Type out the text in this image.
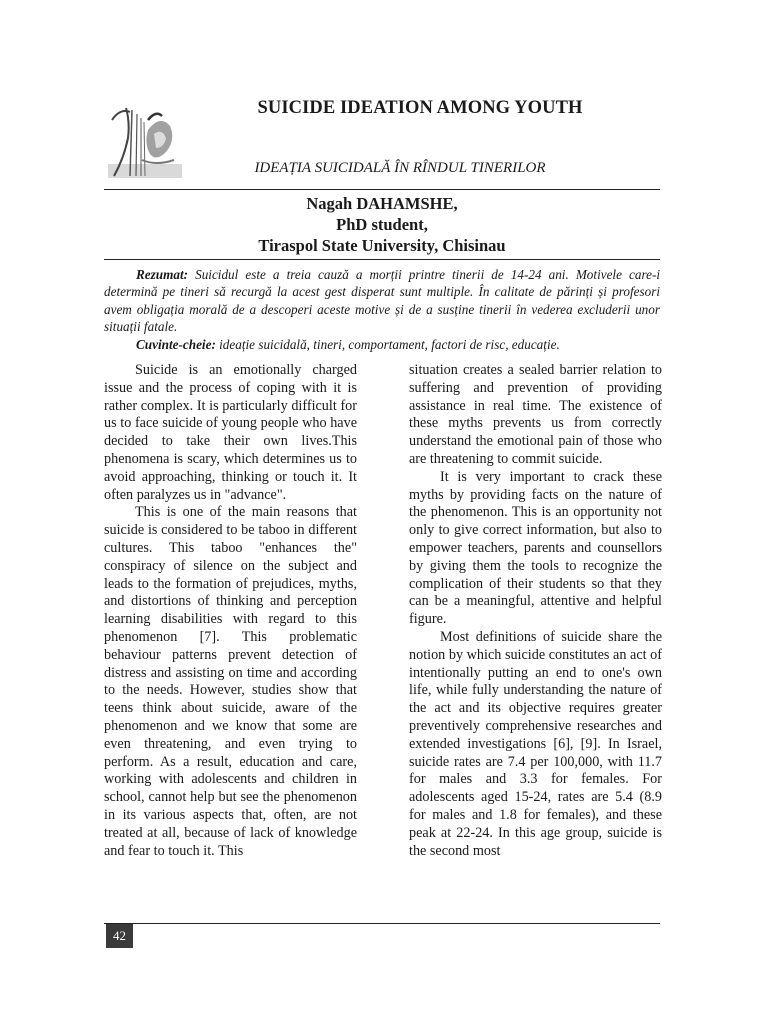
SUICIDE IDEATION AMONG YOUTH
IDEAȚIA SUICIDALĂ ÎN RÎNDUL TINERILOR
Nagah DAHAMSHE,
PhD student,
Tiraspol State University, Chisinau

Rezumat: Suicidul este a treia cauză a morții printre tinerii de 14-24 ani. Motivele care-i determină pe tineri să recurgă la acest gest disperat sunt multiple. În calitate de părinți și profesori avem obligația morală de a descoperi aceste motive și de a susține tinerii în vederea excluderii unor situații fatale.

Cuvinte-cheie: ideație suicidală, tineri, comportament, factori de risc, educație.

Suicide is an emotionally charged issue and the process of coping with it is rather complex. It is particularly difficult for us to face suicide of young people who have decided to take their own lives.This phenomena is scary, which determines us to avoid approaching, thinking or touch it. It often paralyzes us in "advance".

This is one of the main reasons that suicide is considered to be taboo in different cultures. This taboo "enhances the" conspiracy of silence on the subject and leads to the formation of prejudices, myths, and distortions of thinking and perception learning disabilities with regard to this phenomenon [7]. This problematic behaviour patterns prevent detection of distress and assisting on time and according to the needs. However, studies show that teens think about suicide, aware of the phenomenon and we know that some are even threatening, and even trying to perform. As a result, education and care, working with adolescents and children in school, cannot help but see the phenomenon in its various aspects that, often, are not treated at all, because of lack of knowledge and fear to touch it. This

situation creates a sealed barrier relation to suffering and prevention of providing assistance in real time. The existence of these myths prevents us from correctly understand the emotional pain of those who are threatening to commit suicide.

It is very important to crack these myths by providing facts on the nature of the phenomenon. This is an opportunity not only to give correct information, but also to empower teachers, parents and counsellors by giving them the tools to recognize the complication of their students so that they can be a meaningful, attentive and helpful figure.

Most definitions of suicide share the notion by which suicide constitutes an act of intentionally putting an end to one's own life, while fully understanding the nature of the act and its objective requires greater preventively comprehensive researches and extended investigations [6], [9]. In Israel, suicide rates are 7.4 per 100,000, with 11.7 for males and 3.3 for females. For adolescents aged 15-24, rates are 5.4 (8.9 for males and 1.8 for females), and these peak at 22-24. In this age group, suicide is the second most

42
